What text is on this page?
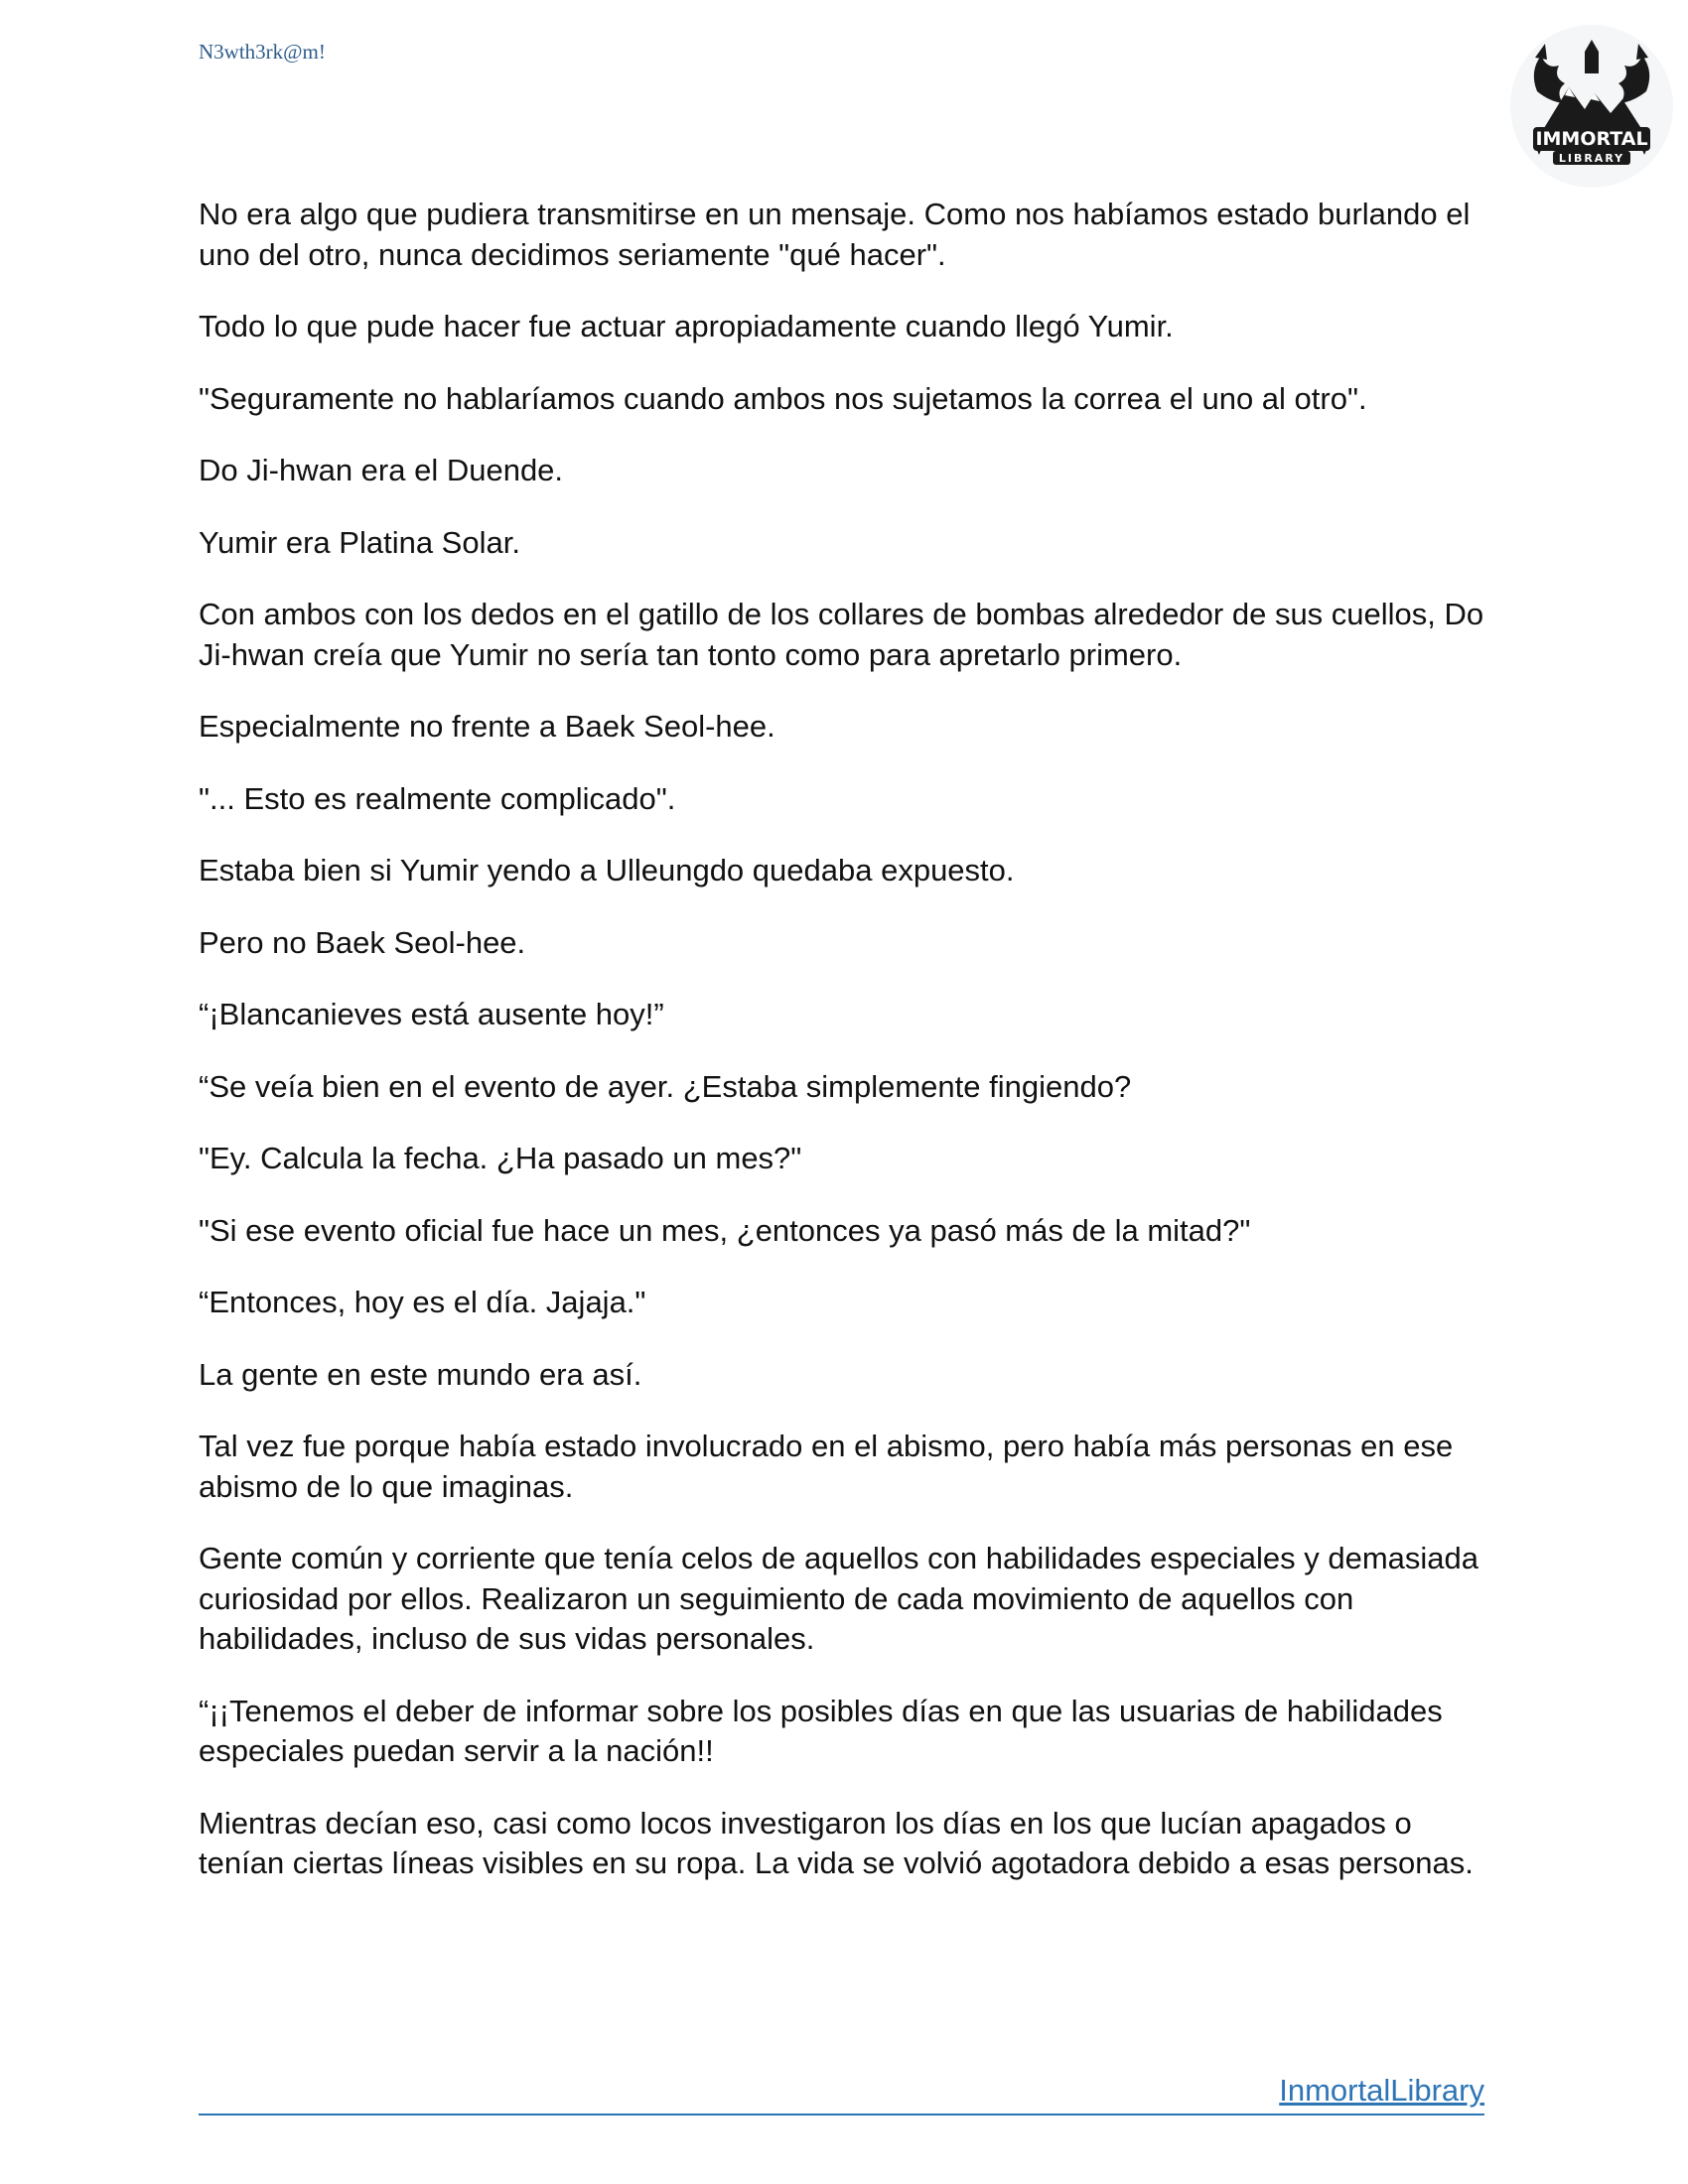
N3wth3rk@m!
IMMORTAL
LIBRARY

No era algo que pudiera transmitirse en un mensaje. Como nos habíamos estado burlando el uno del otro, nunca decidimos seriamente "qué hacer".

Todo lo que pude hacer fue actuar apropiadamente cuando llegó Yumir.

"Seguramente no hablaríamos cuando ambos nos sujetamos la correa el uno al otro".

Do Ji-hwan era el Duende.

Yumir era Platina Solar.

Con ambos con los dedos en el gatillo de los collares de bombas alrededor de sus cuellos, Do Ji-hwan creía que Yumir no sería tan tonto como para apretarlo primero.

Especialmente no frente a Baek Seol-hee.

"... Esto es realmente complicado".

Estaba bien si Yumir yendo a Ulleungdo quedaba expuesto.

Pero no Baek Seol-hee.

“¡Blancanieves está ausente hoy!”

“Se veía bien en el evento de ayer. ¿Estaba simplemente fingiendo?

"Ey. Calcula la fecha. ¿Ha pasado un mes?"

"Si ese evento oficial fue hace un mes, ¿entonces ya pasó más de la mitad?"

“Entonces, hoy es el día. Jajaja."

La gente en este mundo era así.

Tal vez fue porque había estado involucrado en el abismo, pero había más personas en ese abismo de lo que imaginas.

Gente común y corriente que tenía celos de aquellos con habilidades especiales y demasiada curiosidad por ellos. Realizaron un seguimiento de cada movimiento de aquellos con habilidades, incluso de sus vidas personales.

“¡¡Tenemos el deber de informar sobre los posibles días en que las usuarias de habilidades especiales puedan servir a la nación!!

Mientras decían eso, casi como locos investigaron los días en los que lucían apagados o tenían ciertas líneas visibles en su ropa. La vida se volvió agotadora debido a esas personas.

InmortalLibrary
